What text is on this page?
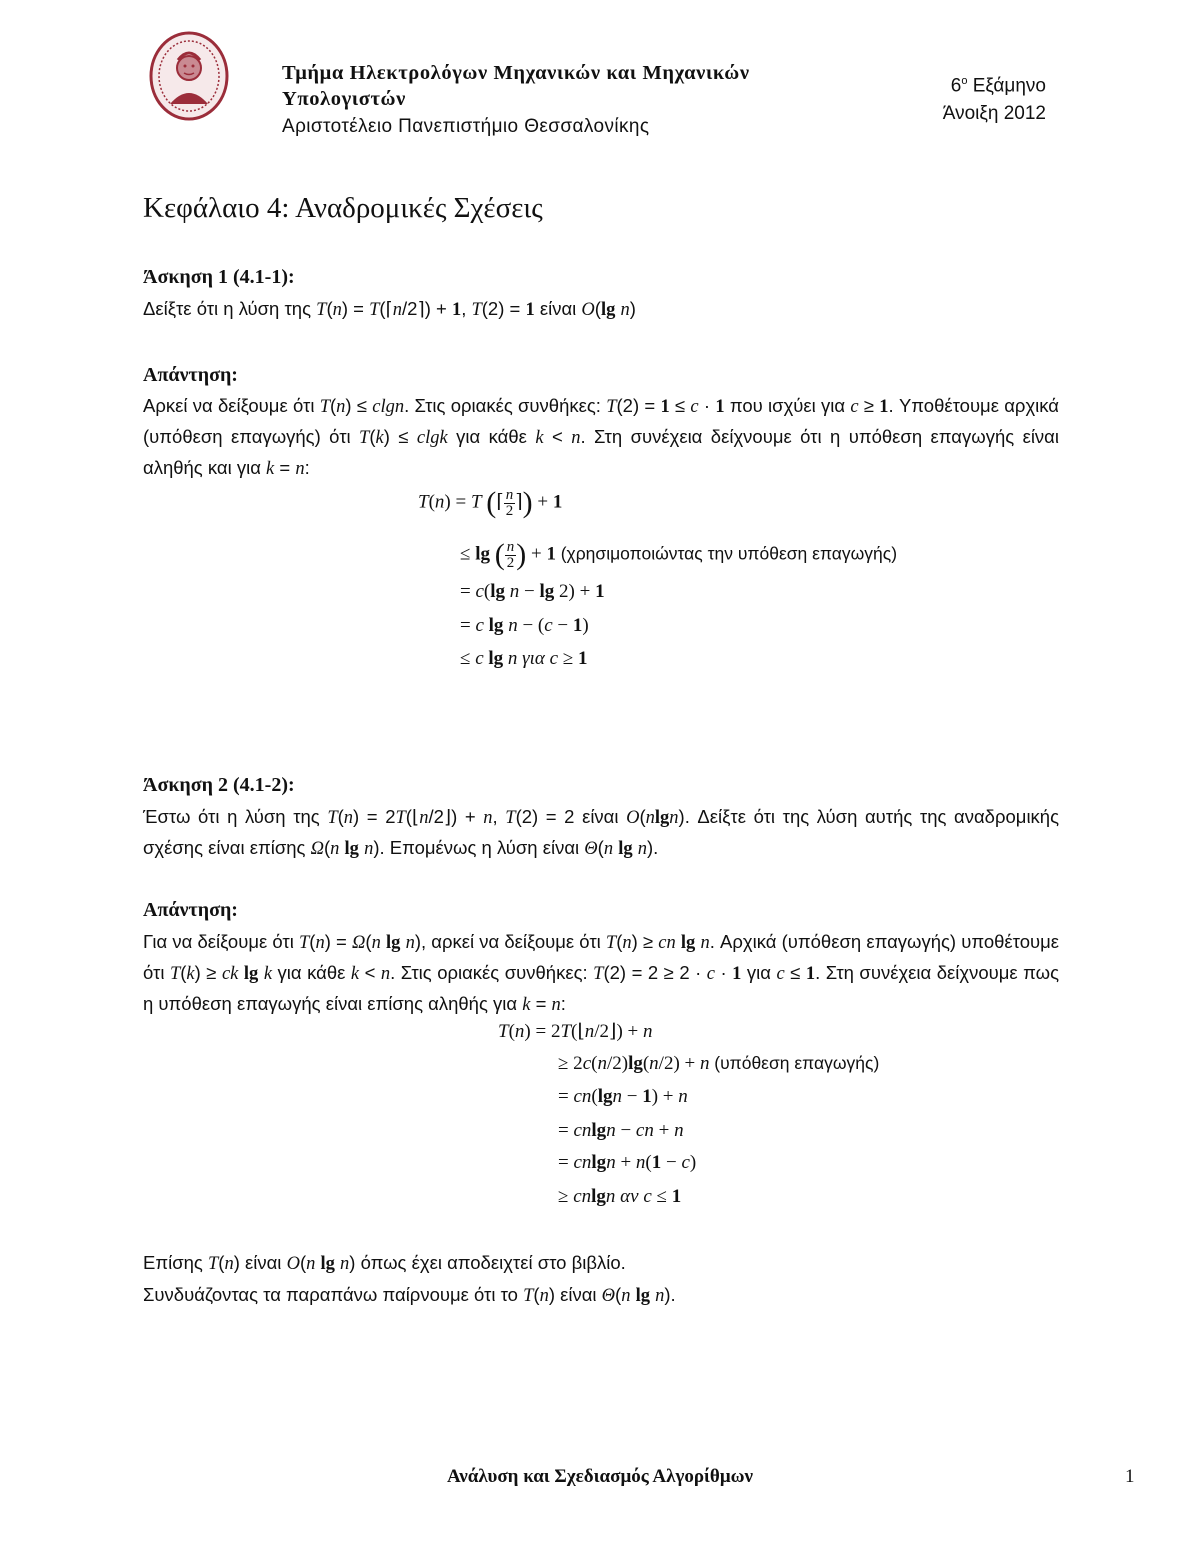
Τμήμα Ηλεκτρολόγων Μηχανικών και Μηχανικών Υπολογιστών
Αριστοτέλειο Πανεπιστήμιο Θεσσαλονίκης
$6^o$ Εξάμηνο
Άνοιξη 2012
Κεφάλαιο 4: Αναδρομικές Σχέσεις
Άσκηση 1 (4.1-1):
Δείξτε ότι η λύση της T(n) = T(⌈n/2⌉) + 1, T(2) = 1 είναι O(lg n)
Απάντηση:
Αρκεί να δείξουμε ότι T(n) ≤ clgn. Στις οριακές συνθήκες: T(2) = 1 ≤ c · 1 που ισχύει για c ≥ 1. Υποθέτουμε αρχικά (υπόθεση επαγωγής) ότι T(k) ≤ clgk για κάθε k < n. Στη συνέχεια δείχνουμε ότι η υπόθεση επαγωγής είναι αληθής και για k = n:
T(n) = T (⌈ $\frac{n}{2}$ ⌉) + 1
≤ lg ( $\frac{n}{2}$ ) + 1 (χρησιμοποιώντας την υπόθεση επαγωγής)
= c(lg n − lg 2) + 1
= c lg n − (c − 1)
≤ c lg n για c ≥ 1
Άσκηση 2 (4.1-2):
Έστω ότι η λύση της T(n) = 2T(⌊n/2⌋) + n, T(2) = 2 είναι O(nlgn). Δείξτε ότι της λύση αυτής της αναδρομικής σχέσης είναι επίσης Ω(n lg n). Επομένως η λύση είναι Θ(n lg n).
Απάντηση:
Για να δείξουμε ότι T(n) = Ω(n lg n), αρκεί να δείξουμε ότι T(n) ≥ cn lg n. Αρχικά (υπόθεση επαγωγής) υποθέτουμε ότι T(k) ≥ ck lg k για κάθε k < n. Στις οριακές συνθήκες: T(2) = 2 ≥ 2 · c · 1 για c ≤ 1. Στη συνέχεια δείχνουμε πως η υπόθεση επαγωγής είναι επίσης αληθής για k = n:
T(n) = 2T(⌊n/2⌋) + n
≥ 2c(n/2)lg(n/2) + n (υπόθεση επαγωγής)
= cn(lgn − 1) + n
= cnlgn − cn + n
= cnlgn + n(1 − c)
≥ cnlgn αν c ≤ 1
Επίσης T(n) είναι O(n lg n) όπως έχει αποδειχτεί στο βιβλίο.
Συνδυάζοντας τα παραπάνω παίρνουμε ότι το T(n) είναι Θ(n lg n).
Ανάλυση και Σχεδιασμός Αλγορίθμων	1
